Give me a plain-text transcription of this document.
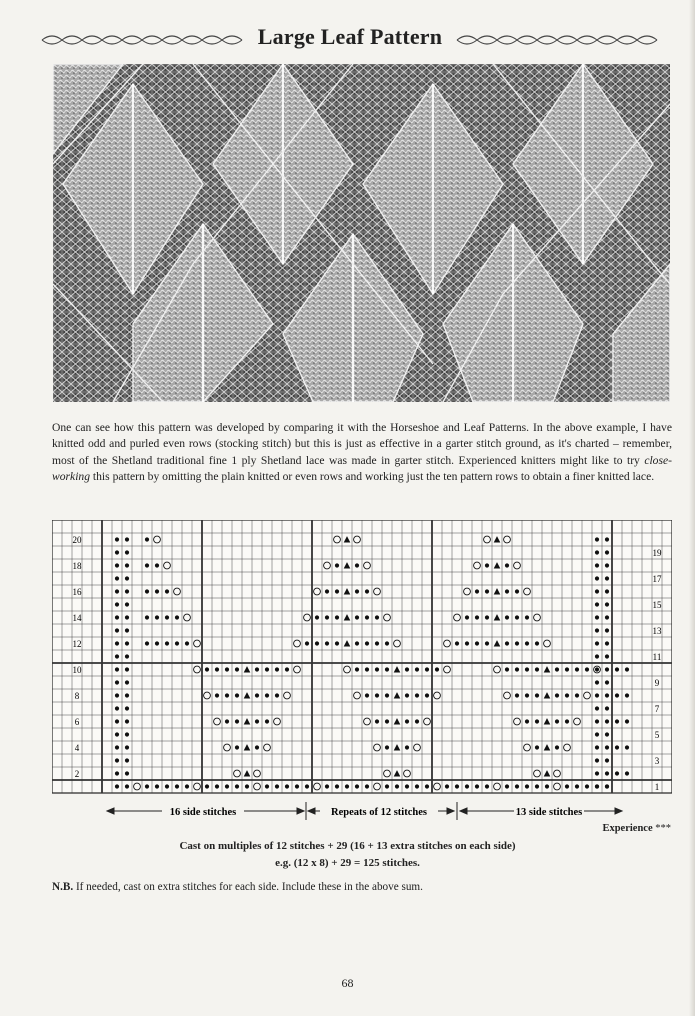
Large Leaf Pattern
One can see how this pattern was developed by comparing it with the Horseshoe and Leaf Patterns. In the above example, I have knitted odd and purled even rows (stocking stitch) but this is just as effective in a garter stitch ground, as it's charted – remember, most of the Shetland traditional fine 1 ply Shetland lace was made in garter stitch. Experienced knitters might like to try close-working this pattern by omitting the plain knitted or even rows and working just the ten pattern rows to obtain a finer knitted lace.
20
19
18
17
16
15
14
13
12
11
10
9
8
7
6
5
4
3
2
1
16 side stitches	Repeats of 12 stitches	13 side stitches
Experience ***
Cast on multiples of 12 stitches + 29 (16 + 13 extra stitches on each side)
e.g. (12 x 8) + 29 = 125 stitches.
N.B. If needed, cast on extra stitches for each side. Include these in the above sum.
68
